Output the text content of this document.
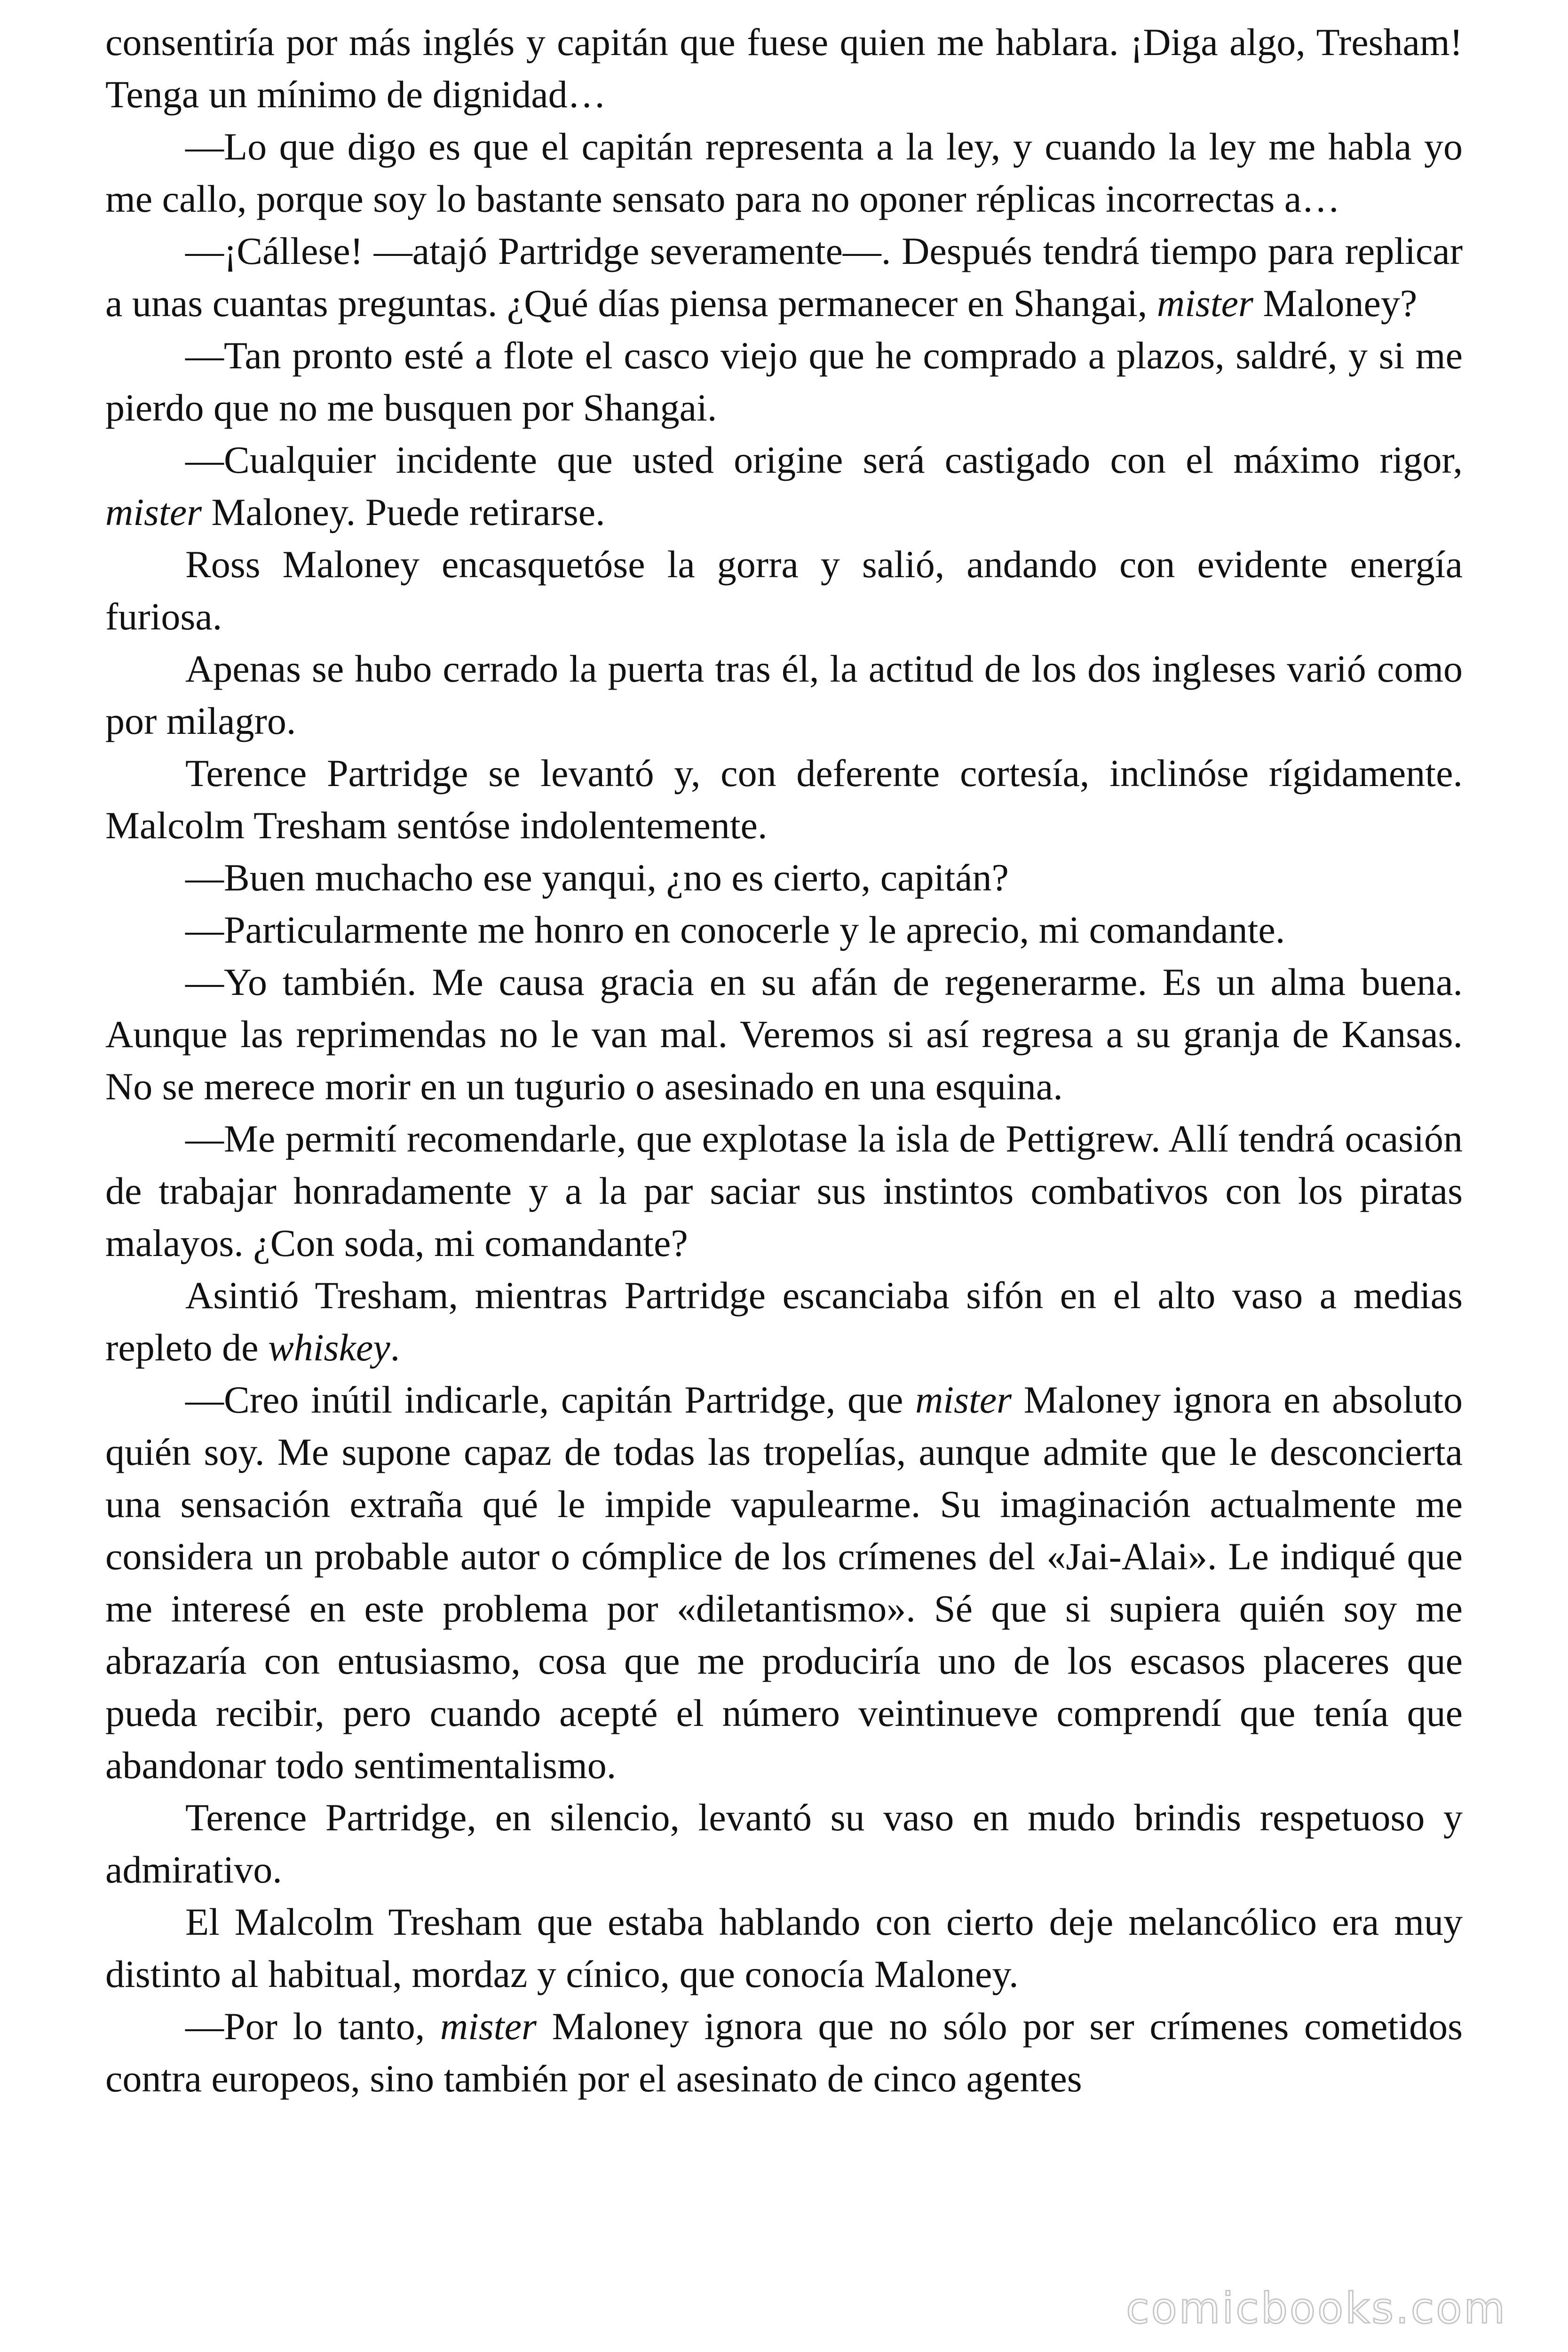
consentiría por más inglés y capitán que fuese quien me hablara. ¡Diga algo, Tresham! Tenga un mínimo de dignidad…

—Lo que digo es que el capitán representa a la ley, y cuando la ley me habla yo me callo, porque soy lo bastante sensato para no oponer réplicas incorrectas a…

—¡Cállese! —atajó Partridge severamente—. Después tendrá tiempo para replicar a unas cuantas preguntas. ¿Qué días piensa permanecer en Shangai, mister Maloney?

—Tan pronto esté a flote el casco viejo que he comprado a plazos, saldré, y si me pierdo que no me busquen por Shangai.

—Cualquier incidente que usted origine será castigado con el máximo rigor, mister Maloney. Puede retirarse.

Ross Maloney encasquetóse la gorra y salió, andando con evidente energía furiosa.

Apenas se hubo cerrado la puerta tras él, la actitud de los dos ingleses varió como por milagro.

Terence Partridge se levantó y, con deferente cortesía, inclinóse rígidamente. Malcolm Tresham sentóse indolentemente.

—Buen muchacho ese yanqui, ¿no es cierto, capitán?

—Particularmente me honro en conocerle y le aprecio, mi comandante.

—Yo también. Me causa gracia en su afán de regenerarme. Es un alma buena. Aunque las reprimendas no le van mal. Veremos si así regresa a su granja de Kansas. No se merece morir en un tugurio o asesinado en una esquina.

—Me permití recomendarle, que explotase la isla de Pettigrew. Allí tendrá ocasión de trabajar honradamente y a la par saciar sus instintos combativos con los piratas malayos. ¿Con soda, mi comandante?

Asintió Tresham, mientras Partridge escanciaba sifón en el alto vaso a medias repleto de whiskey.

—Creo inútil indicarle, capitán Partridge, que mister Maloney ignora en absoluto quién soy. Me supone capaz de todas las tropelías, aunque admite que le desconcierta una sensación extraña qué le impide vapulearme. Su imaginación actualmente me considera un probable autor o cómplice de los crímenes del «Jai-Alai». Le indiqué que me interesé en este problema por «diletantismo». Sé que si supiera quién soy me abrazaría con entusiasmo, cosa que me produciría uno de los escasos placeres que pueda recibir, pero cuando acepté el número veintinueve comprendí que tenía que abandonar todo sentimentalismo.

Terence Partridge, en silencio, levantó su vaso en mudo brindis respetuoso y admirativo.

El Malcolm Tresham que estaba hablando con cierto deje melancólico era muy distinto al habitual, mordaz y cínico, que conocía Maloney.

—Por lo tanto, mister Maloney ignora que no sólo por ser crímenes cometidos contra europeos, sino también por el asesinato de cinco agentes

comicbooks.com
